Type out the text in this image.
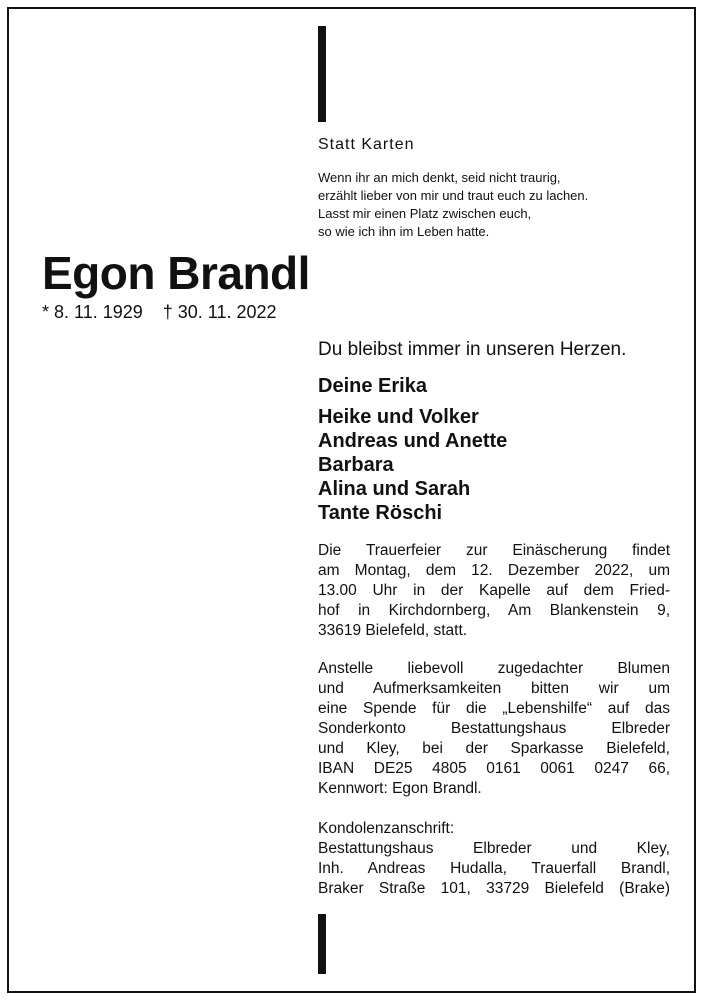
Statt Karten
Wenn ihr an mich denkt, seid nicht traurig,
erzählt lieber von mir und traut euch zu lachen.
Lasst mir einen Platz zwischen euch,
so wie ich ihn im Leben hatte.
Egon Brandl
* 8. 11. 1929    † 30. 11. 2022
Du bleibst immer in unseren Herzen.
Deine Erika
Heike und Volker
Andreas und Anette
Barbara
Alina und Sarah
Tante Röschi
Die Trauerfeier zur Einäscherung findet
am Montag, dem 12. Dezember 2022, um
13.00 Uhr in der Kapelle auf dem Fried-
hof in Kirchdornberg, Am Blankenstein 9,
33619 Bielefeld, statt.
Anstelle liebevoll zugedachter Blumen
und Aufmerksamkeiten bitten wir um
eine Spende für die „Lebenshilfe“ auf das
Sonderkonto Bestattungshaus Elbreder
und Kley, bei der Sparkasse Bielefeld,
IBAN DE25 4805 0161 0061 0247 66,
Kennwort: Egon Brandl.
Kondolenzanschrift:
Bestattungshaus Elbreder und Kley,
Inh. Andreas Hudalla, Trauerfall Brandl,
Braker Straße 101, 33729 Bielefeld (Brake)
